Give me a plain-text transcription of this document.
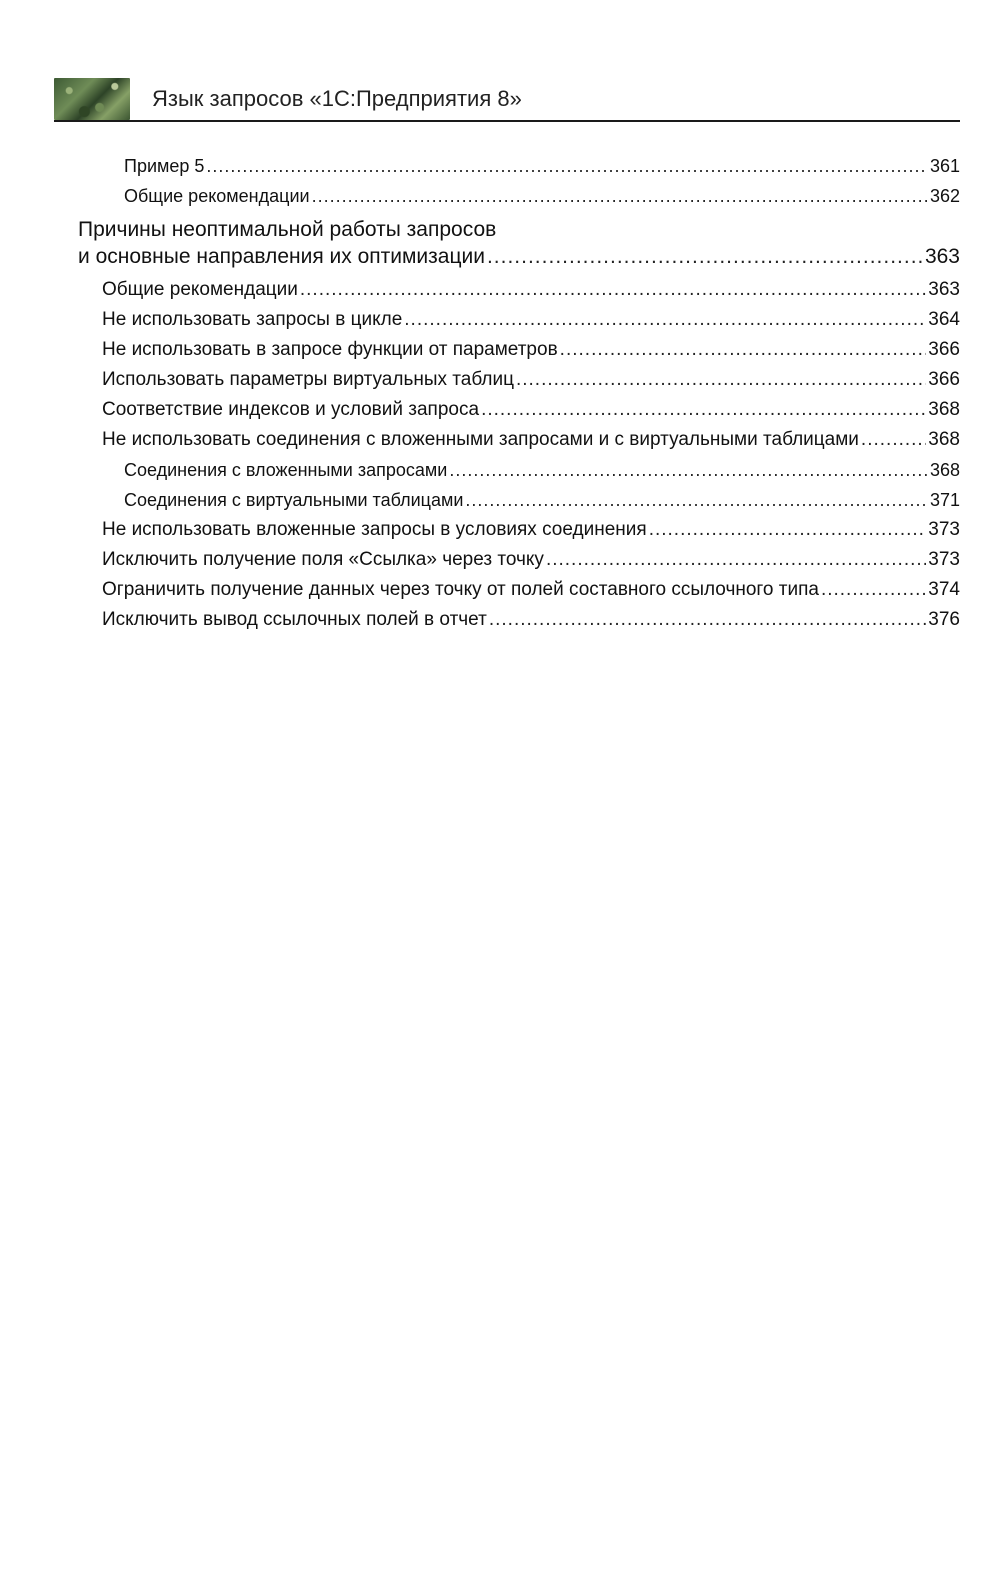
Язык запросов «1С:Предприятия 8»
Пример 5 .....	361
Общие рекомендации .....	362
Причины неоптимальной работы запросов
и основные направления их оптимизации .....	363
Общие рекомендации .....	363
Не использовать запросы в цикле .....	364
Не использовать в запросе функции от параметров .....	366
Использовать параметры виртуальных таблиц .....	366
Соответствие индексов и условий запроса .....	368
Не использовать соединения с вложенными запросами и с виртуальными таблицами .....	368
Соединения с вложенными запросами .....	368
Соединения с виртуальными таблицами .....	371
Не использовать вложенные запросы в условиях соединения .....	373
Исключить получение поля «Ссылка» через точку .....	373
Ограничить получение данных через точку от полей составного ссылочного типа .....	374
Исключить вывод ссылочных полей в отчет .....	376
